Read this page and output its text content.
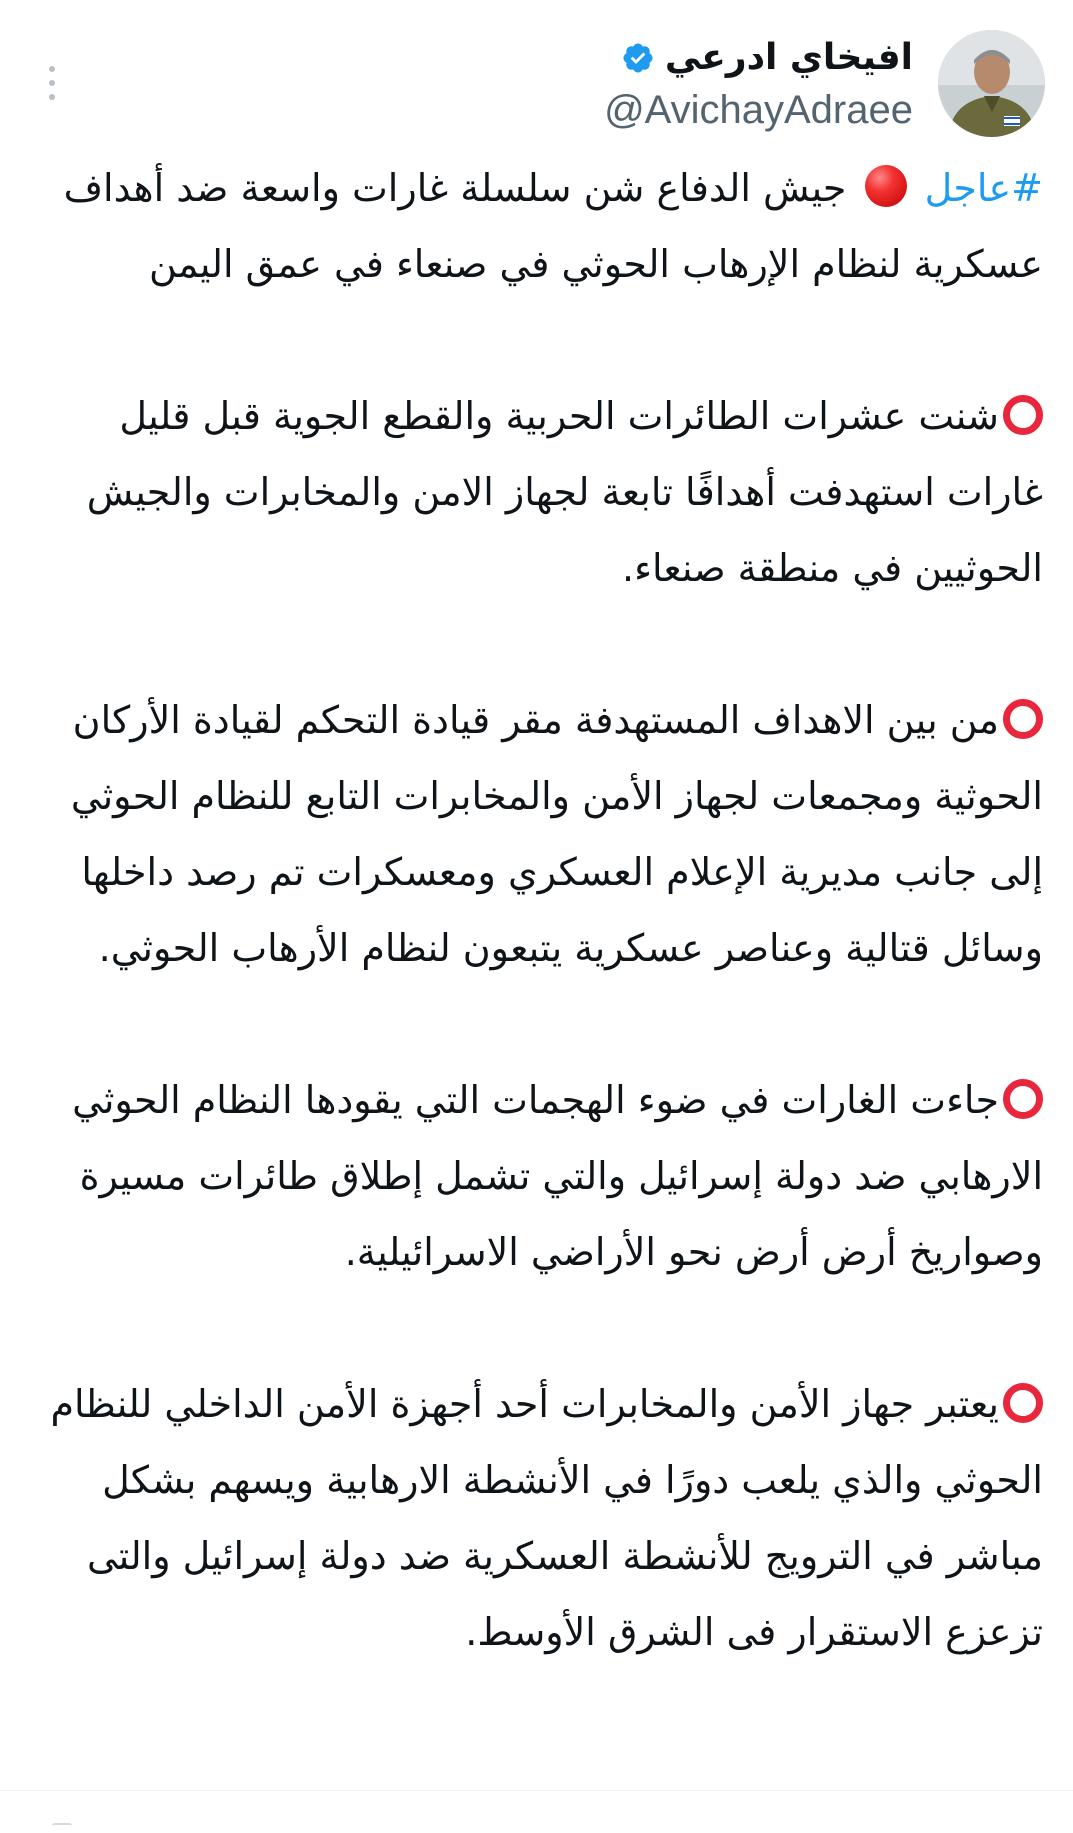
افيخاي ادرعي
@AvichayAdraee

#عاجل  جيش الدفاع شن سلسلة غارات واسعة ضد أهداف عسكرية لنظام الإرهاب الحوثي في صنعاء في عمق اليمن

شنت عشرات الطائرات الحربية والقطع الجوية قبل قليل غارات استهدفت أهدافًا تابعة لجهاز الامن والمخابرات والجيش الحوثيين في منطقة صنعاء.

من بين الاهداف المستهدفة مقر قيادة التحكم لقيادة الأركان الحوثية ومجمعات لجهاز الأمن والمخابرات التابع للنظام الحوثي إلى جانب مديرية الإعلام العسكري ومعسكرات تم رصد داخلها وسائل قتالية وعناصر عسكرية يتبعون لنظام الأرهاب الحوثي.

جاءت الغارات في ضوء الهجمات التي يقودها النظام الحوثي الارهابي ضد دولة إسرائيل والتي تشمل إطلاق طائرات مسيرة وصواريخ أرض أرض نحو الأراضي الاسرائيلية.

يعتبر جهاز الأمن والمخابرات أحد أجهزة الأمن الداخلي للنظام الحوثي والذي يلعب دورًا في الأنشطة الارهابية ويسهم بشكل مباشر في الترويج للأنشطة العسكرية ضد دولة إسرائيل والتى تزعزع الاستقرار فى الشرق الأوسط.
